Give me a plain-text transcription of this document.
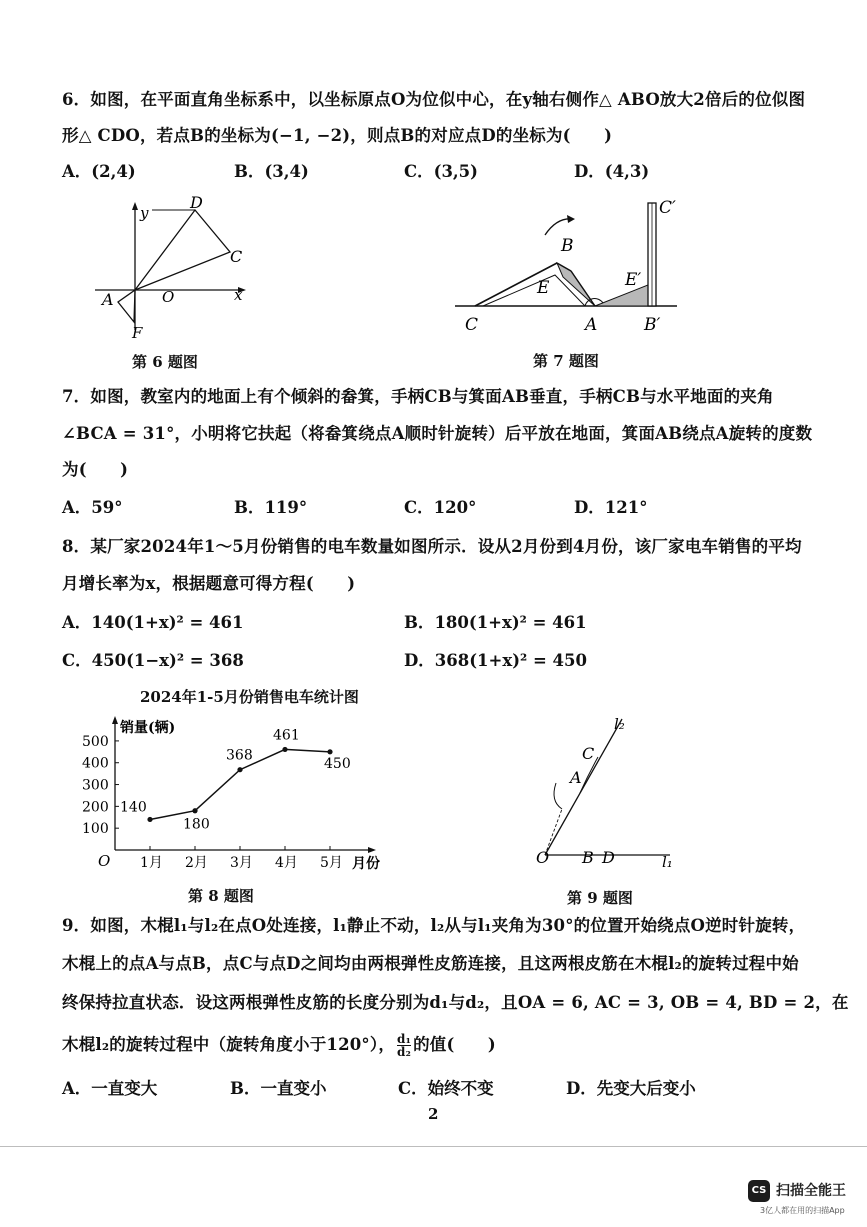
6．如图，在平面直角坐标系中，以坐标原点O为位似中心，在y轴右侧作△ ABO放大2倍后的位似图
形△ CDO，若点B的坐标为(−1, −2)，则点B的对应点D的坐标为(　　)
A．(2,4)	B．(3,4)	C．(3,5)	D．(4,3)
y
x
O
D
C
A
F
第 6 题图
B
E
C	A
E′
B′
C′
第 7 题图
7．如图，教室内的地面上有个倾斜的畚箕，手柄CB与箕面AB垂直，手柄CB与水平地面的夹角
∠BCA = 31°，小明将它扶起（将畚箕绕点A顺时针旋转）后平放在地面，箕面AB绕点A旋转的度数
为(　　)
A．59°	B．119°	C．120°	D．121°
8．某厂家2024年1～5月份销售的电车数量如图所示．设从2月份到4月份，该厂家电车销售的平均
月增长率为x，根据题意可得方程(　　)
A．140(1+x)² = 461	B．180(1+x)² = 461
C．450(1−x)² = 368	D．368(1+x)² = 450
2024年1-5月份销售电车统计图
O
销量(辆)
月份
100
200
300
400
500
1月 2月 3月 4月 5月
140
180
368
461
450
第 8 题图
l₂
l₁
C
A
O B D
第 9 题图
9．如图，木棍l₁与l₂在点O处连接，l₁静止不动，l₂从与l₁夹角为30°的位置开始绕点O逆时针旋转，
木棍上的点A与点B，点C与点D之间均由两根弹性皮筋连接，且这两根皮筋在木棍l₂的旋转过程中始
终保持拉直状态．设这两根弹性皮筋的长度分别为d₁与d₂，且OA = 6, AC = 3, OB = 4, BD = 2，在
木棍l₂的旋转过程中（旋转角度小于120°）， $\frac{\text{d₁}}{\text{d₂}}$ 的值(　　)
A．一直变大	B．一直变小	C．始终不变	D．先变大后变小
2
CS 扫描全能王
3亿人都在用的扫描App
